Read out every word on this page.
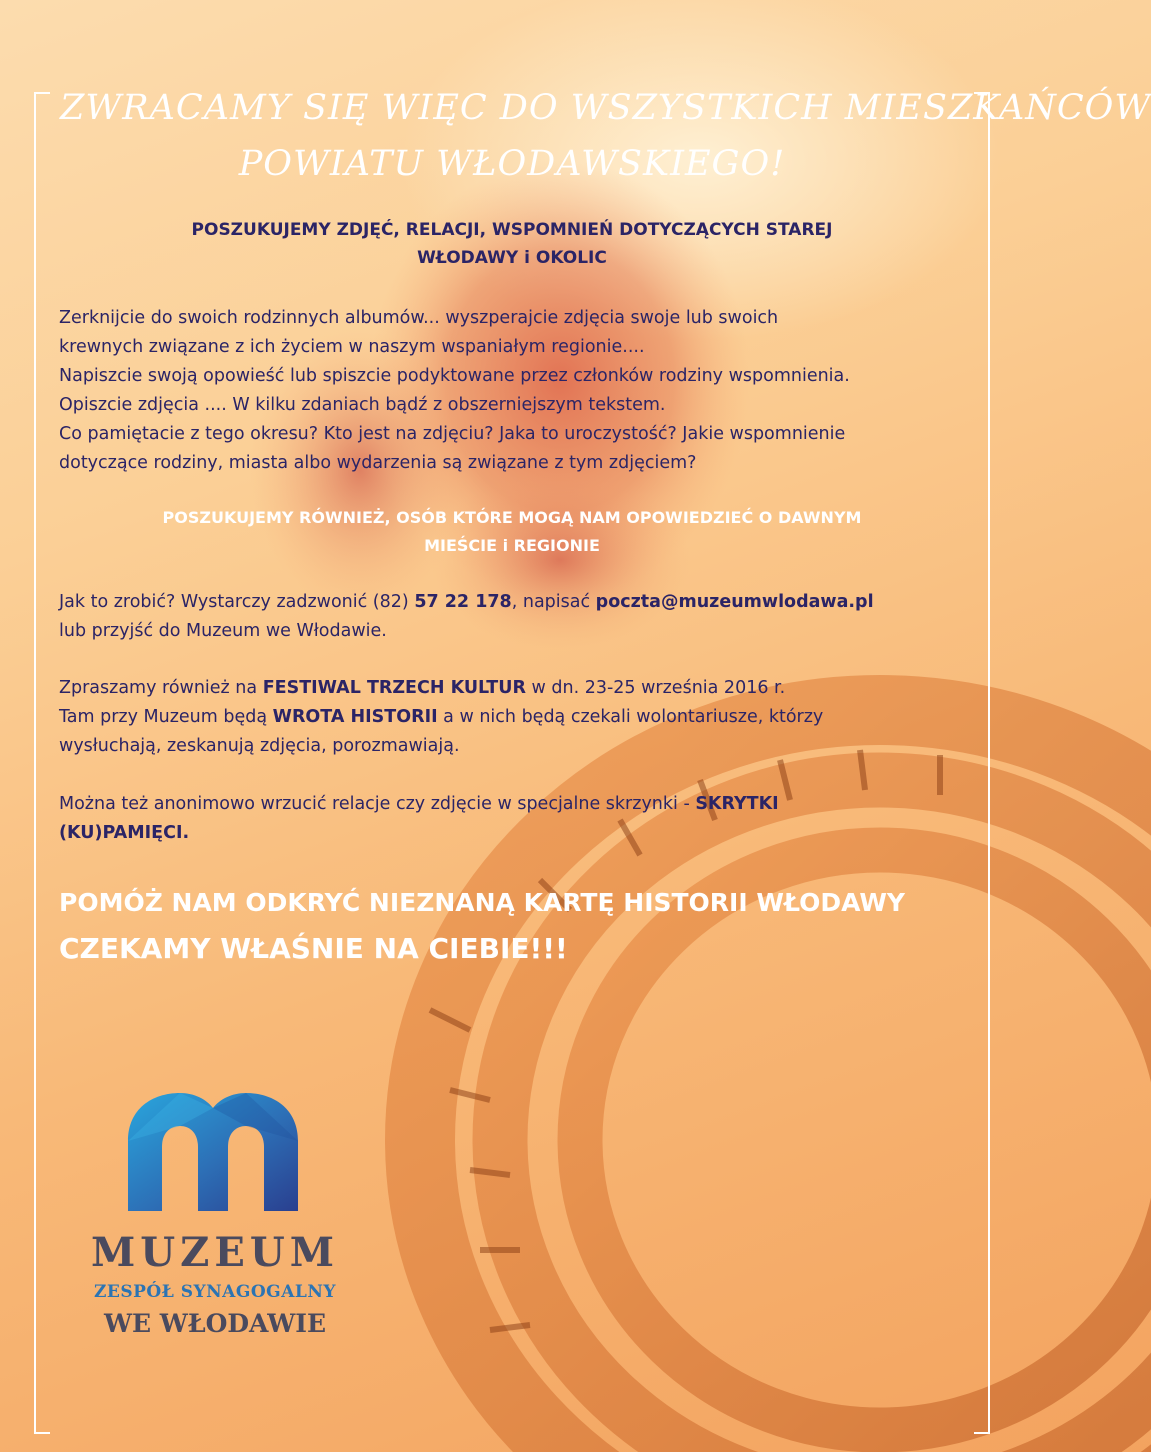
ZWRACAMY SIĘ WIĘC DO WSZYSTKICH MIESZKAŃCÓW
POWIATU WŁODAWSKIEGO!
POSZUKUJEMY ZDJĘĆ, RELACJI, WSPOMNIEŃ DOTYCZĄCYCH STAREJ
WŁODAWY i OKOLIC
Zerknijcie do swoich rodzinnych albumów... wyszperajcie zdjęcia swoje lub swoich
krewnych związane z ich życiem w naszym wspaniałym regionie....
Napiszcie swoją opowieść lub spiszcie podyktowane przez członków rodziny wspomnienia.
Opiszcie zdjęcia .... W kilku zdaniach bądź z obszerniejszym tekstem.
Co pamiętacie z tego okresu? Kto jest na zdjęciu? Jaka to uroczystość? Jakie wspomnienie
dotyczące rodziny, miasta albo wydarzenia są związane z tym zdjęciem?
POSZUKUJEMY RÓWNIEŻ, OSÓB KTÓRE MOGĄ NAM OPOWIEDZIEĆ O DAWNYM
MIEŚCIE i REGIONIE
Jak to zrobić? Wystarczy zadzwonić (82) 57 22 178, napisać poczta@muzeumwlodawa.pl
lub przyjść do Muzeum we Włodawie.
Zpraszamy również na FESTIWAL TRZECH KULTUR w dn. 23-25 września 2016 r.
Tam przy Muzeum będą WROTA HISTORII a w nich będą czekali wolontariusze, którzy
wysłuchają, zeskanują zdjęcia, porozmawiają.
Można też anonimowo wrzucić relacje czy zdjęcie w specjalne skrzynki - SKRYTKI
(KU)PAMIĘCI.
POMÓŻ NAM ODKRYĆ NIEZNANĄ KARTĘ HISTORII WŁODAWY
CZEKAMY WŁAŚNIE NA CIEBIE!!!
MUZEUM
ZESPÓŁ SYNAGOGALNY
WE WŁODAWIE
